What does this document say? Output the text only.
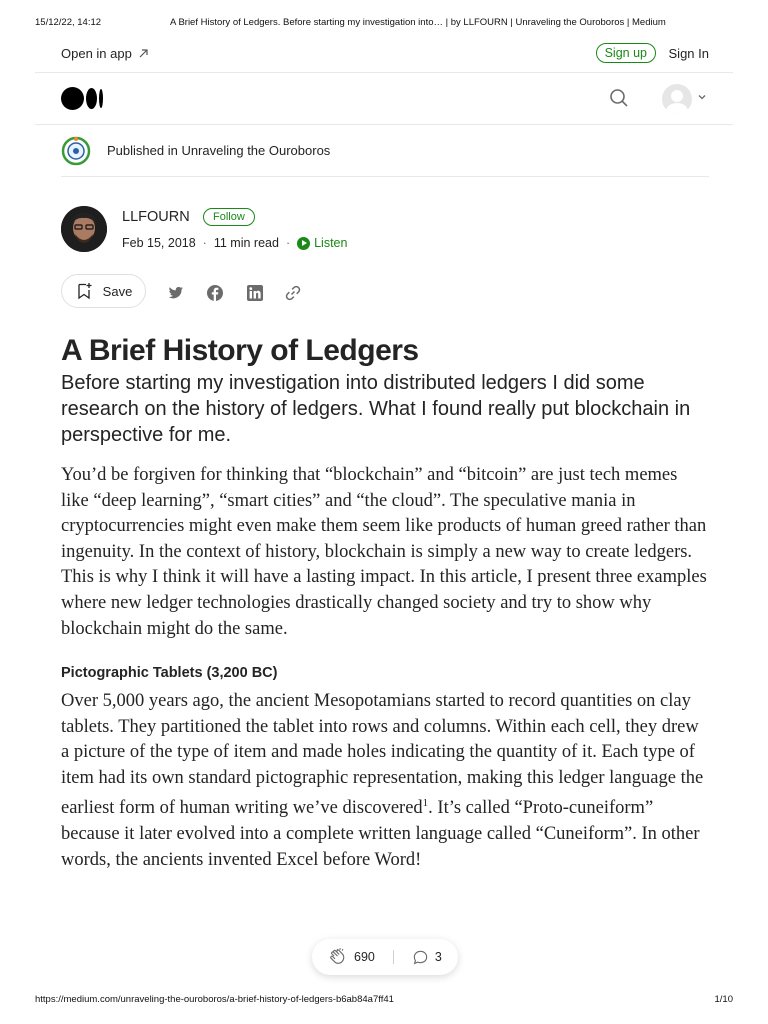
15/12/22, 14:12	A Brief History of Ledgers. Before starting my investigation into… | by LLFOURN | Unraveling the Ouroboros | Medium
Open in app	Sign up	Sign In
Published in Unraveling the Ouroboros
LLFOURN	Follow
Feb 15, 2018 · 11 min read · Listen
Save
A Brief History of Ledgers

Before starting my investigation into distributed ledgers I did some research on the history of ledgers. What I found really put blockchain in perspective for me.

You’d be forgiven for thinking that “blockchain” and “bitcoin” are just tech memes like “deep learning”, “smart cities” and “the cloud”. The speculative mania in cryptocurrencies might even make them seem like products of human greed rather than ingenuity. In the context of history, blockchain is simply a new way to create ledgers. This is why I think it will have a lasting impact. In this article, I present three examples where new ledger technologies drastically changed society and try to show why blockchain might do the same.

Pictographic Tablets (3,200 BC)

Over 5,000 years ago, the ancient Mesopotamians started to record quantities on clay tablets. They partitioned the tablet into rows and columns. Within each cell, they drew a picture of the type of item and made holes indicating the quantity of it. Each type of item had its own standard pictographic representation, making this ledger language the earliest form of human writing we’ve discovered$^1$. It’s called “Proto-cuneiform” because it later evolved into a complete written language called “Cuneiform”. In other words, the ancients invented Excel before Word!

690	3
https://medium.com/unraveling-the-ouroboros/a-brief-history-of-ledgers-b6ab84a7ff41	1/10
